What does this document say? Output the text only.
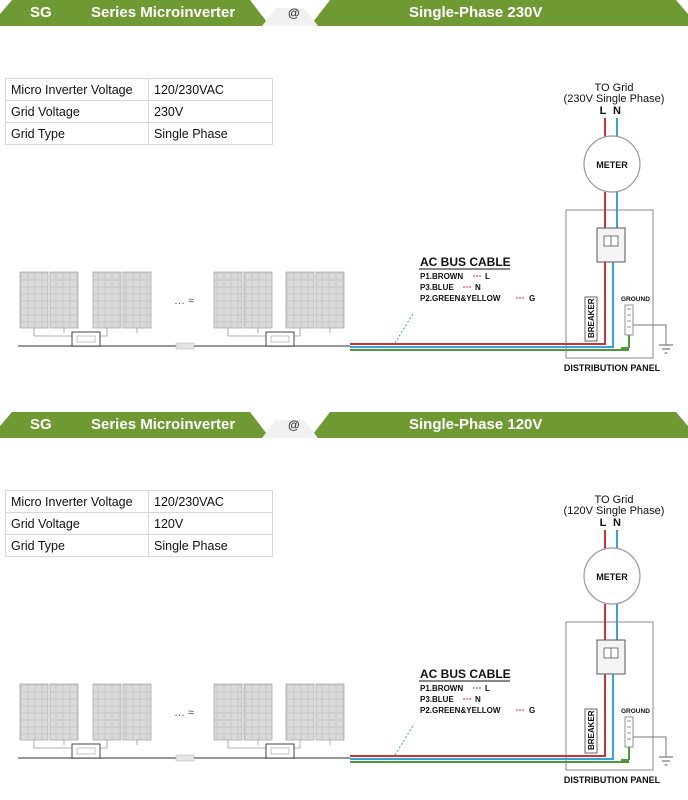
SG	Series Microinverter	@	Single-Phase 230V
Micro Inverter Voltage	120/230VAC
Grid Voltage	230V
Grid Type	Single Phase
TO Grid
(230V Single Phase)
L N
DISTRIBUTION PANEL
METER
BREAKER	GROUND
AC BUS CABLE
P1.BROWN	L
P3.BLUE	N
P2.GREEN&YELLOW	G
… ≈
SG	Series Microinverter	@	Single-Phase 120V
Micro Inverter Voltage	120/230VAC
Grid Voltage	120V
Grid Type	Single Phase
TO Grid
(120V Single Phase)
L N
DISTRIBUTION PANEL
METER
BREAKER	GROUND
AC BUS CABLE
P1.BROWN	L
P3.BLUE	N
P2.GREEN&YELLOW	G
… ≈
